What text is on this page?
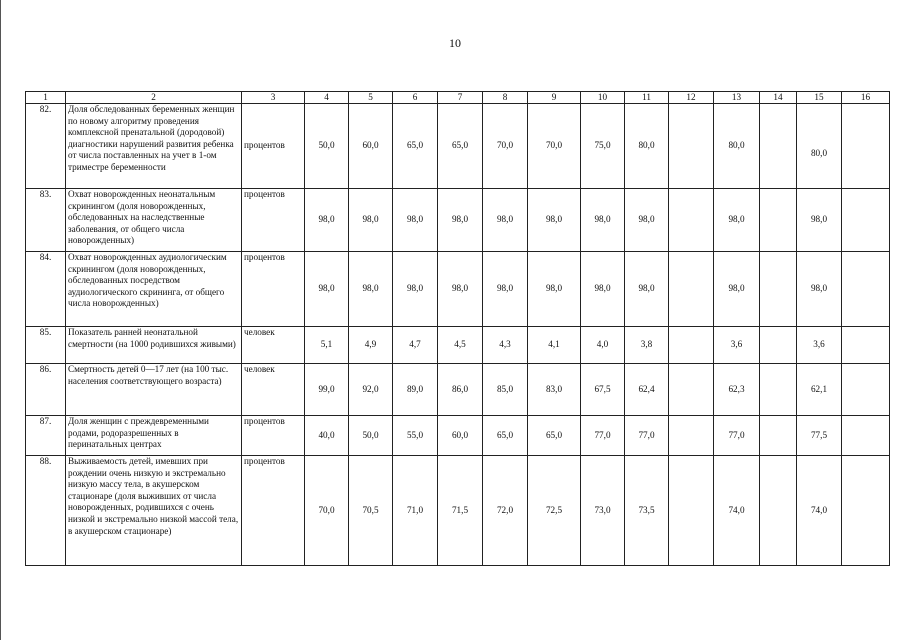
10
1	2	3	4	5	6	7	8	9	10	11	12	13	14	15	16
82.	Доля обследованных беременных женщин по новому алгоритму проведения комплексной пренатальной (дородовой) диагностики нарушений развития ребенка от числа поставленных на учет в 1-ом триместре беременности	процентов	50,0	60,0	65,0	65,0	70,0	70,0	75,0	80,0		80,0		80,0	
83.	Охват новорожденных неонатальным скринингом (доля новорожденных, обследованных на наследственные заболевания, от общего числа новорожденных)	процентов	98,0	98,0	98,0	98,0	98,0	98,0	98,0	98,0		98,0		98,0	
84.	Охват новорожденных аудиологическим скринингом (доля новорожденных, обследованных посредством аудиологического скрининга, от общего числа новорожденных)	процентов	98,0	98,0	98,0	98,0	98,0	98,0	98,0	98,0		98,0		98,0	
85.	Показатель ранней неонатальной смертности (на 1000 родившихся живыми)	человек	5,1	4,9	4,7	4,5	4,3	4,1	4,0	3,8		3,6		3,6	
86.	Смертность детей 0—17 лет (на 100 тыс. населения соответствующего возраста)	человек	99,0	92,0	89,0	86,0	85,0	83,0	67,5	62,4		62,3		62,1	
87.	Доля женщин с преждевременными родами, родоразрешенных в перинатальных центрах	процентов	40,0	50,0	55,0	60,0	65,0	65,0	77,0	77,0		77,0		77,5	
88.	Выживаемость детей, имевших при рождении очень низкую и экстремально низкую массу тела, в акушерском стационаре (доля выживших от числа новорожденных, родившихся с очень низкой и экстремально низкой массой тела, в акушерском стационаре)	процентов	70,0	70,5	71,0	71,5	72,0	72,5	73,0	73,5		74,0		74,0	
